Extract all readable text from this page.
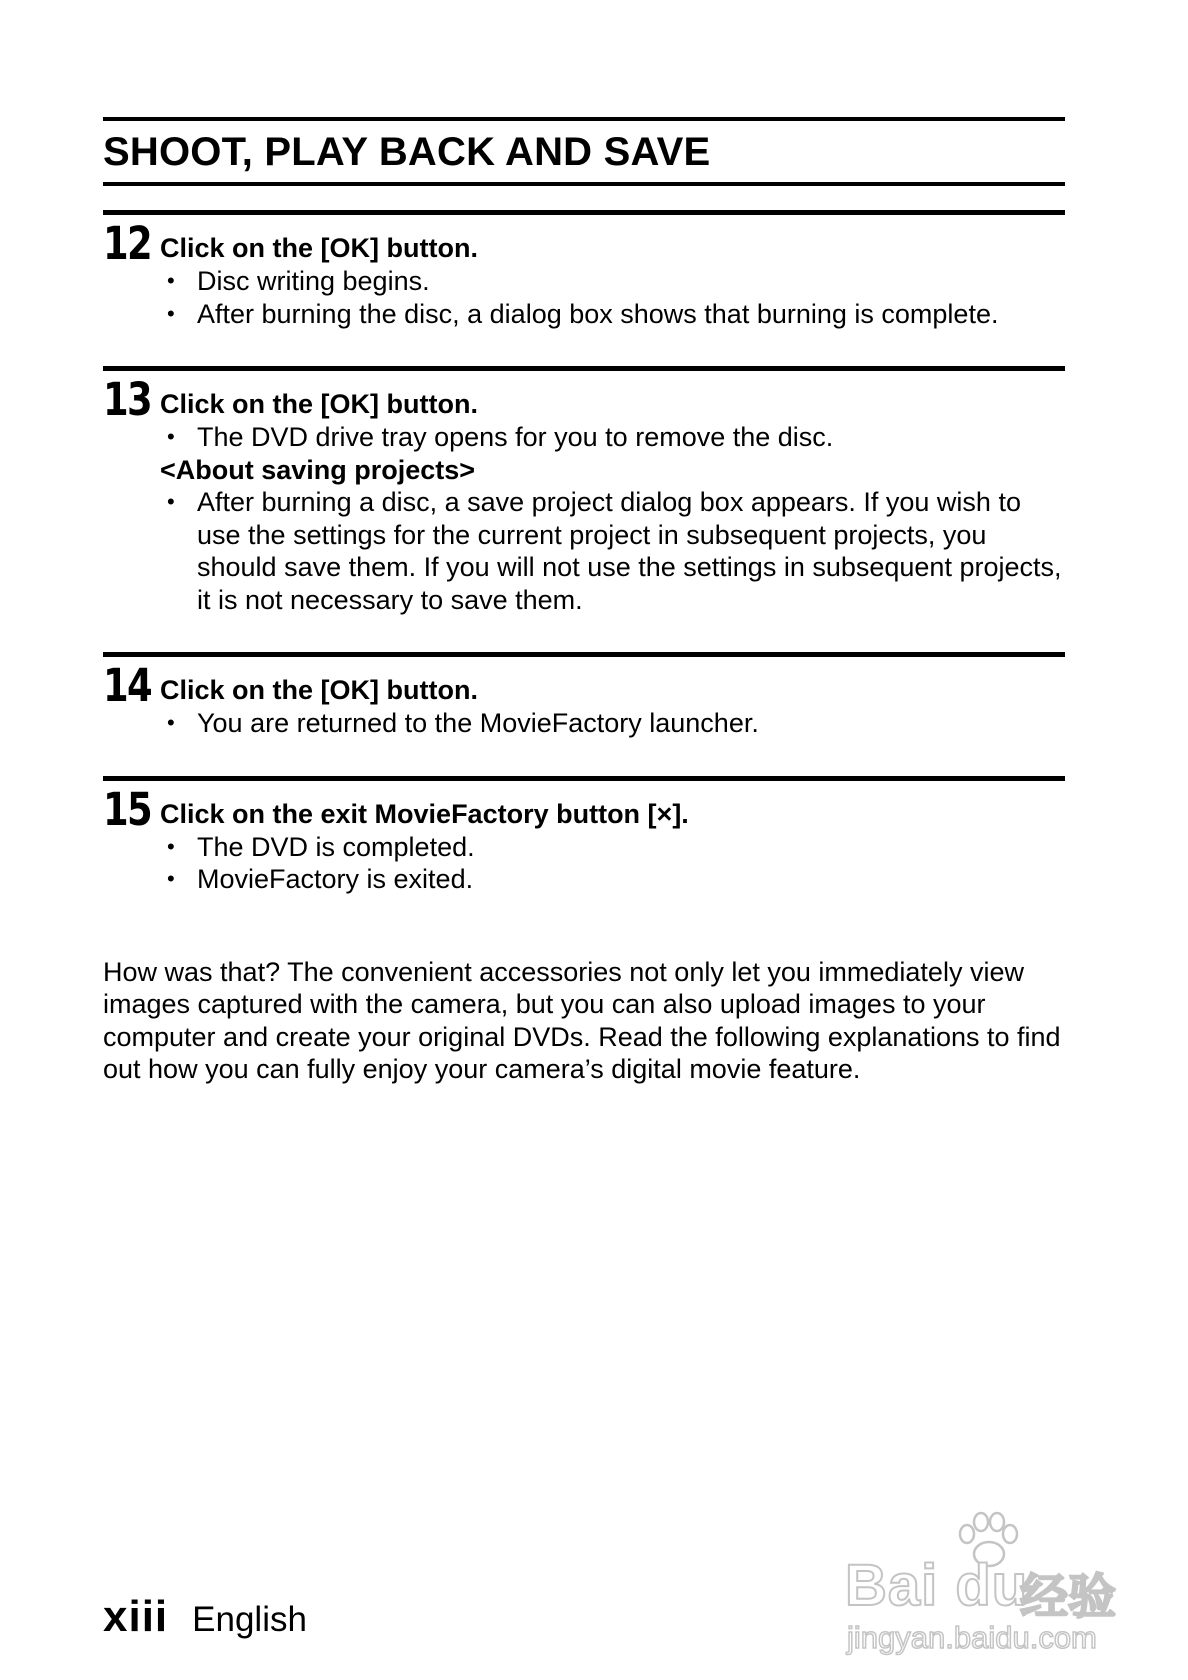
SHOOT, PLAY BACK AND SAVE
12 Click on the [OK] button.
• Disc writing begins.
• After burning the disc, a dialog box shows that burning is complete.
13 Click on the [OK] button.
• The DVD drive tray opens for you to remove the disc.
<About saving projects>
• After burning a disc, a save project dialog box appears. If you wish to use the settings for the current project in subsequent projects, you should save them. If you will not use the settings in subsequent projects, it is not necessary to save them.
14 Click on the [OK] button.
• You are returned to the MovieFactory launcher.
15 Click on the exit MovieFactory button [×].
• The DVD is completed.
• MovieFactory is exited.

How was that? The convenient accessories not only let you immediately view images captured with the camera, but you can also upload images to your computer and create your original DVDs. Read the following explanations to find out how you can fully enjoy your camera’s digital movie feature.

xiii English
Bai du
经验
jingyan.baidu.com
